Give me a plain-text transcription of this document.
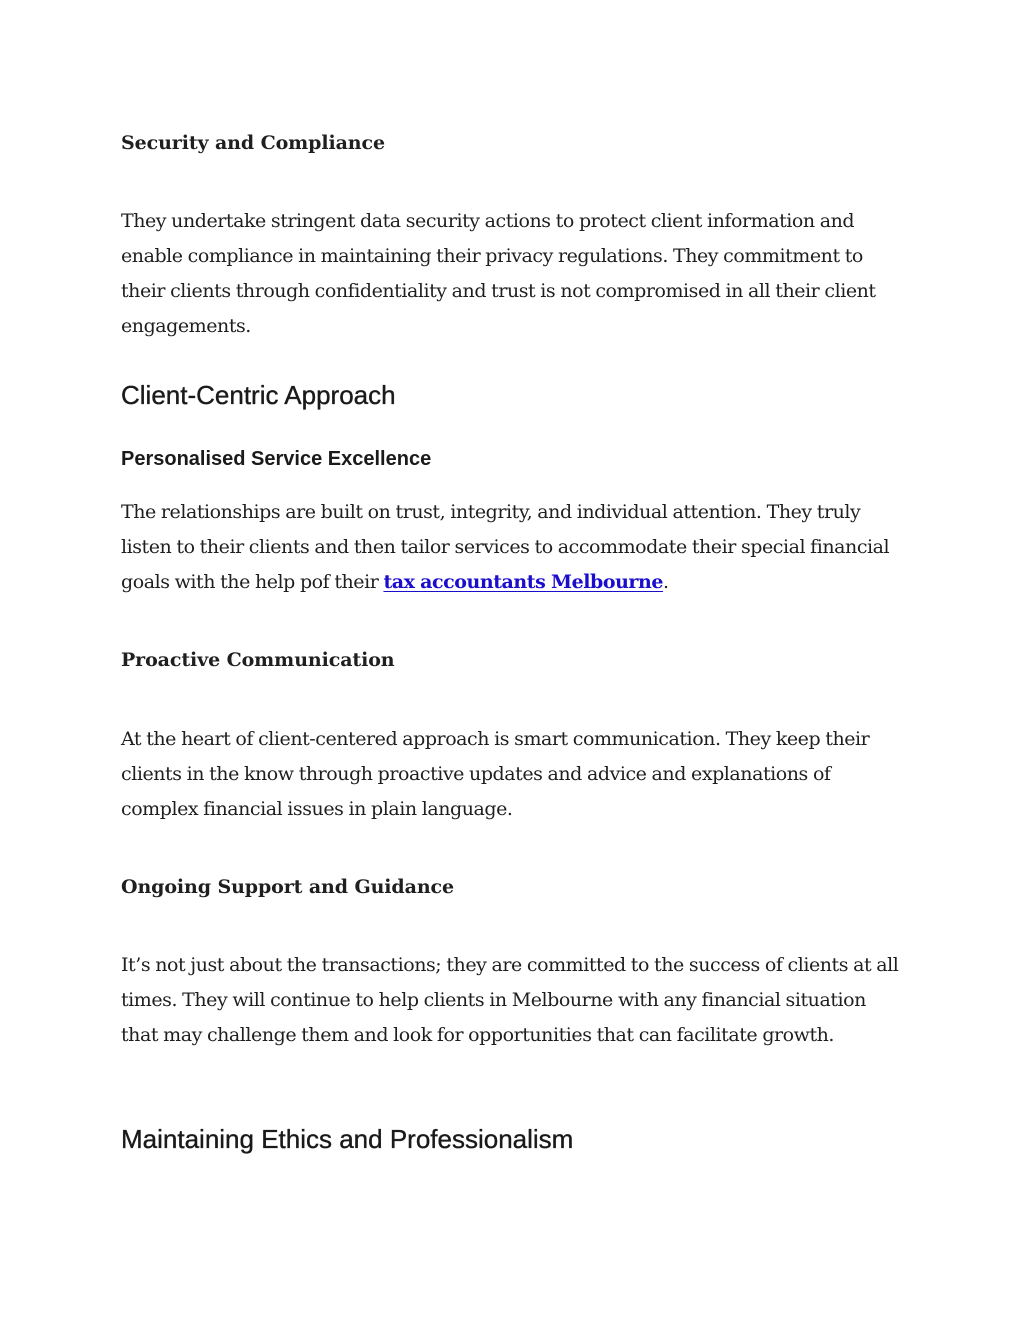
Security and Compliance

They undertake stringent data security actions to protect client information and enable compliance in maintaining their privacy regulations. They commitment to their clients through confidentiality and trust is not compromised in all their client engagements.

Client-Centric Approach
Personalised Service Excellence

The relationships are built on trust, integrity, and individual attention. They truly listen to their clients and then tailor services to accommodate their special financial goals with the help pof their tax accountants Melbourne.

Proactive Communication

At the heart of client-centered approach is smart communication. They keep their clients in the know through proactive updates and advice and explanations of complex financial issues in plain language.

Ongoing Support and Guidance

It’s not just about the transactions; they are committed to the success of clients at all times. They will continue to help clients in Melbourne with any financial situation that may challenge them and look for opportunities that can facilitate growth.

Maintaining Ethics and Professionalism
